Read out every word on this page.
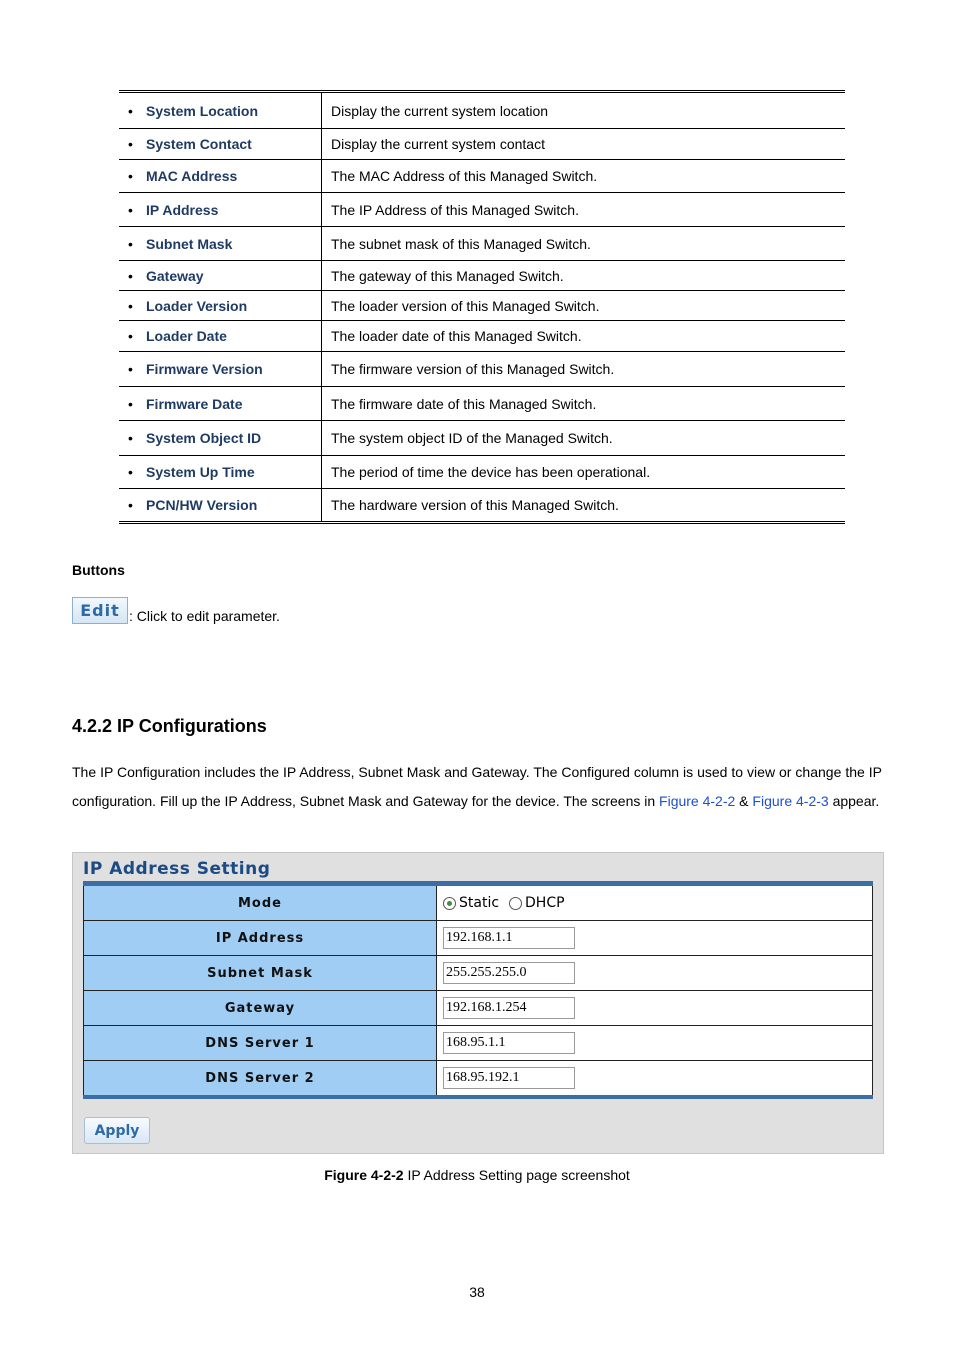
• System Location	Display the current system location
• System Contact	Display the current system contact
• MAC Address	The MAC Address of this Managed Switch.
• IP Address	The IP Address of this Managed Switch.
• Subnet Mask	The subnet mask of this Managed Switch.
• Gateway	The gateway of this Managed Switch.
• Loader Version	The loader version of this Managed Switch.
• Loader Date	The loader date of this Managed Switch.
• Firmware Version	The firmware version of this Managed Switch.
• Firmware Date	The firmware date of this Managed Switch.
• System Object ID	The system object ID of the Managed Switch.
• System Up Time	The period of time the device has been operational.
• PCN/HW Version	The hardware version of this Managed Switch.
Buttons
Edit : Click to edit parameter.
4.2.2 IP Configurations
The IP Configuration includes the IP Address, Subnet Mask and Gateway. The Configured column is used to view or change the IP configuration. Fill up the IP Address, Subnet Mask and Gateway for the device. The screens in Figure 4-2-2 & Figure 4-2-3 appear.
IP Address Setting
Mode	Static DHCP

IP Address	192.168.1.1

Subnet Mask	255.255.255.0

Gateway	192.168.1.254

DNS Server 1	168.95.1.1

DNS Server 2	168.95.192.1
Apply
Figure 4-2-2 IP Address Setting page screenshot
38
